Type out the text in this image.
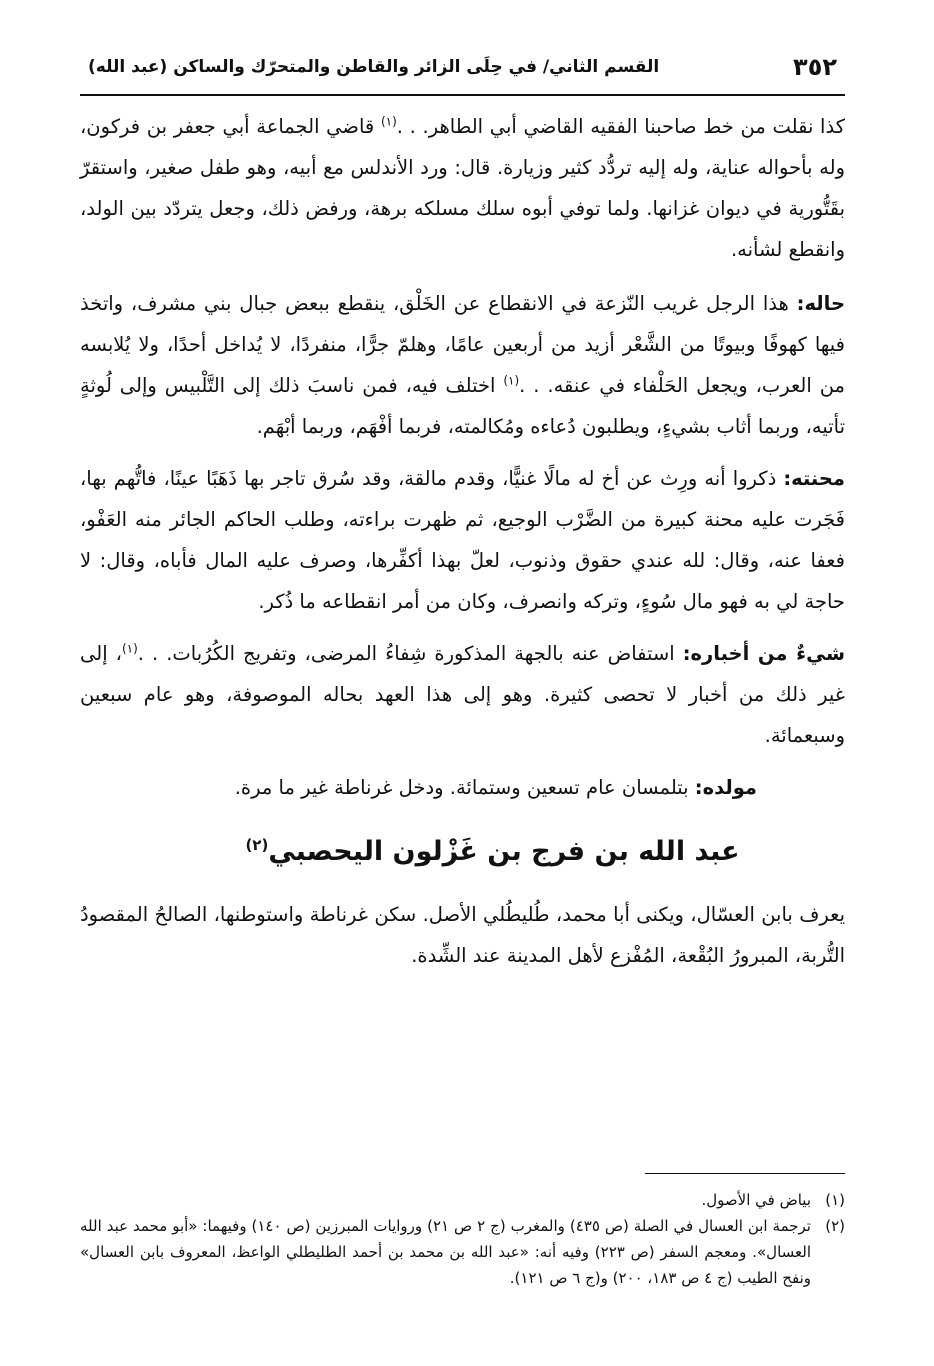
٣٥٢
القسم الثاني/ في حِلَى الزائر والقاطن والمتحرّك والساكن (عبد الله)

كذا نقلت من خط صاحبنا الفقيه القاضي أبي الطاهر. . .$^{(١)}$ قاضي الجماعة أبي جعفر بن فركون، وله بأحواله عناية، وله إليه تردُّد كثير وزيارة. قال: ورد الأندلس مع أبيه، وهو طفل صغير، واستقرّ بقَتُّورية في ديوان غزانها. ولما توفي أبوه سلك مسلكه برهة، ورفض ذلك، وجعل يتردّد بين الولد، وانقطع لشأنه.

حاله: هذا الرجل غريب النّزعة في الانقطاع عن الخَلْق، ينقطع ببعض جبال بني مشرف، واتخذ فيها كهوفًا وبيوتًا من الشَّعْر أزيد من أربعين عامًا، وهلمّ جرًّا، منفردًا، لا يُداخل أحدًا، ولا يُلابسه من العرب، ويجعل الحَلْفاء في عنقه. . .$^{(١)}$ اختلف فيه، فمن ناسبَ ذلك إلى التَّلْبيس وإلى لُوثةٍ تأتيه، وربما أثاب بشيءٍ، ويطلبون دُعاءه ومُكالمته، فربما أفْهَم، وربما أبْهَم.

محنته: ذكروا أنه ورِث عن أخ له مالًا غنيًّا، وقدم مالقة، وقد سُرق تاجر بها ذَهَبًا عينًا، فاتُّهم بها، فَجَرت عليه محنة كبيرة من الضَّرْب الوجيع، ثم ظهرت براءته، وطلب الحاكم الجائر منه العَفْو، فعفا عنه، وقال: لله عندي حقوق وذنوب، لعلّ بهذا أكفِّرها، وصرف عليه المال فأباه، وقال: لا حاجة لي به فهو مال سُوءٍ، وتركه وانصرف، وكان من أمر انقطاعه ما ذُكر.

شيءٌ من أخباره: استفاض عنه بالجهة المذكورة شِفاءُ المرضى، وتفريج الكُرُبات. . .$^{(١)}$، إلى غير ذلك من أخبار لا تحصى كثيرة. وهو إلى هذا العهد بحاله الموصوفة، وهو عام سبعين وسبعمائة.

مولده: بتلمسان عام تسعين وستمائة. ودخل غرناطة غير ما مرة.

عبد الله بن فرج بن غَزْلون اليحصبي$^{(٢)}$

يعرف بابن العسّال، ويكنى أبا محمد، طُليطُلي الأصل. سكن غرناطة واستوطنها، الصالحُ المقصودُ التُّربة، المبرورُ البُقْعة، المُفْزع لأهل المدينة عند الشِّدة.

(١)
بياض في الأصول.
(٢)
ترجمة ابن العسال في الصلة (ص ٤٣٥) والمغرب (ج ٢ ص ٢١) وروايات المبرزين (ص ١٤٠) وفيهما: «أبو محمد عبد الله العسال». ومعجم السفر (ص ٢٢٣) وفيه أنه: «عبد الله بن محمد بن أحمد الطليطلي الواعظ، المعروف بابن العسال» ونفح الطيب (ج ٤ ص ١٨٣، ٢٠٠) و(ج ٦ ص ١٢١).
